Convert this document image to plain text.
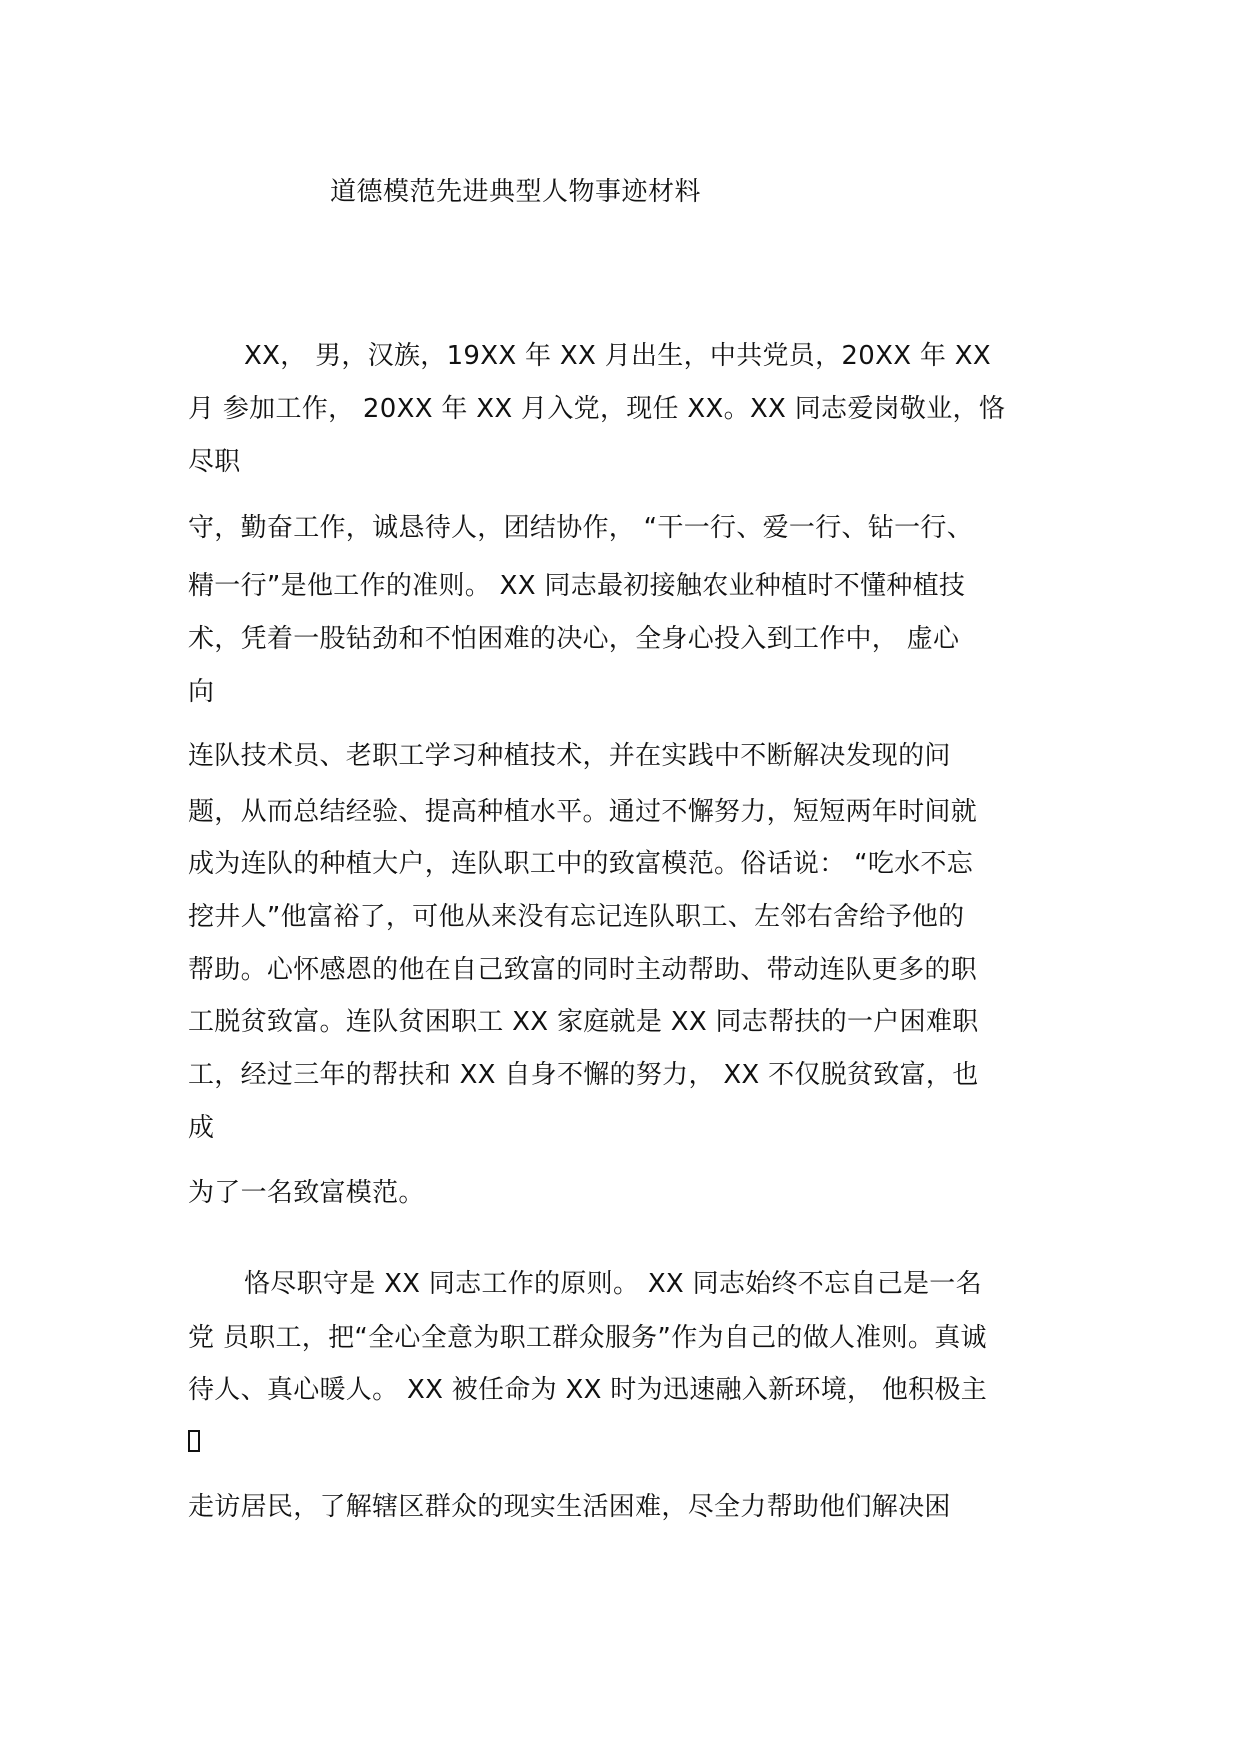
道德模范先进典型人物事迹材料
XX， 男，汉族，19XX 年 XX 月出生，中共党员，20XX 年 XX
月 参加工作， 20XX 年 XX 月入党，现任 XX。XX 同志爱岗敬业，恪
尽职
守，勤奋工作，诚恳待人，团结协作， “干一行、爱一行、钻一行、
精一行”是他工作的准则。 XX 同志最初接触农业种植时不懂种植技
术，凭着一股钻劲和不怕困难的决心，全身心投入到工作中， 虚心
向
连队技术员、老职工学习种植技术，并在实践中不断解决发现的问
题，从而总结经验、提高种植水平。通过不懈努力，短短两年时间就
成为连队的种植大户，连队职工中的致富模范。俗话说： “吃水不忘
挖井人”他富裕了，可他从来没有忘记连队职工、左邻右舍给予他的
帮助。心怀感恩的他在自己致富的同时主动帮助、带动连队更多的职
工脱贫致富。连队贫困职工 XX 家庭就是 XX 同志帮扶的一户困难职
工，经过三年的帮扶和 XX 自身不懈的努力， XX 不仅脱贫致富，也
成
为了一名致富模范。
恪尽职守是 XX 同志工作的原则。 XX 同志始终不忘自己是一名
党 员职工，把“全心全意为职工群众服务”作为自己的做人准则。真诚
待人、真心暖人。 XX 被任命为 XX 时为迅速融入新环境， 他积极主
走访居民，了解辖区群众的现实生活困难，尽全力帮助他们解决困
